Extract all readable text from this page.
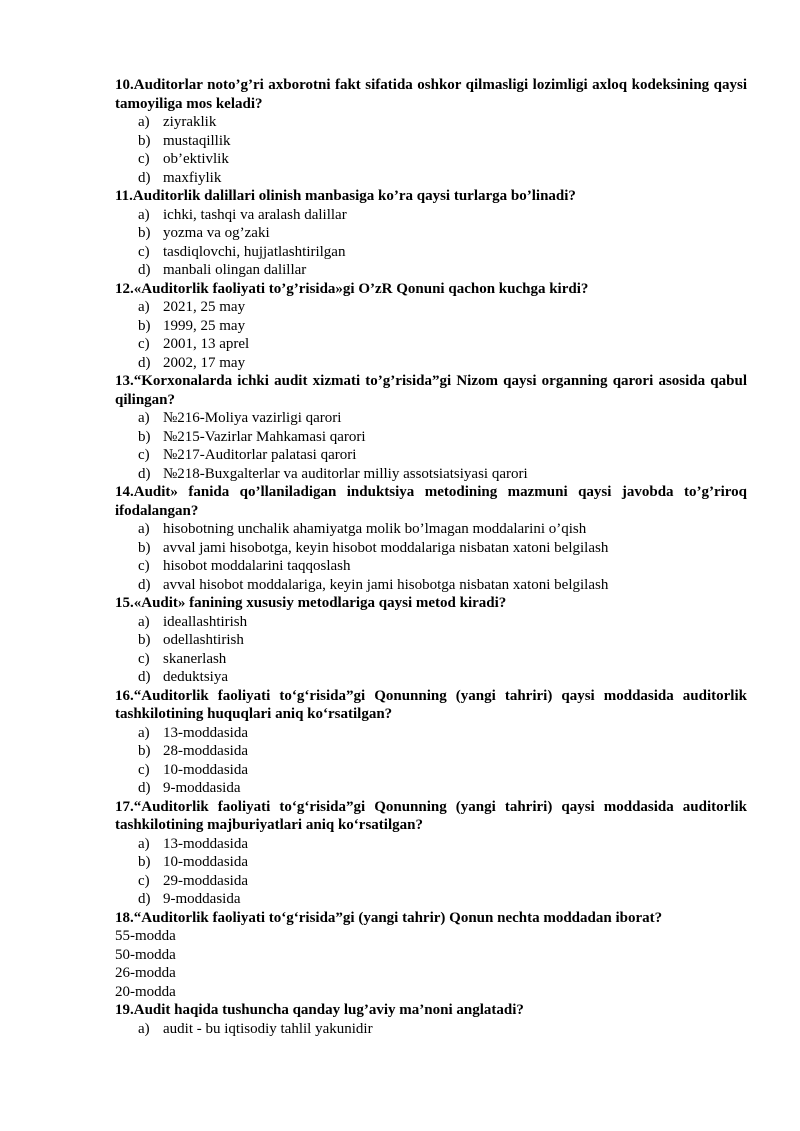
10.Auditorlar noto’g’ri axborotni fakt sifatida oshkor qilmasligi lozimligi axloq kodeksining qaysi tamoyiliga mos keladi?
a) ziyraklik
b) mustaqillik
c) ob’ektivlik
d) maxfiylik
11.Auditorlik dalillari olinish manbasiga ko’ra qaysi turlarga bo’linadi?
a) ichki, tashqi va aralash dalillar
b) yozma va og’zaki
c) tasdiqlovchi, hujjatlashtirilgan
d) manbali olingan dalillar
12.«Auditorlik faoliyati to’g’risida»gi O’zR Qonuni qachon kuchga kirdi?
a) 2021, 25 may
b) 1999, 25 may
c) 2001, 13 aprel
d) 2002, 17 may
13.“Korxonalarda ichki audit xizmati to’g’risida”gi Nizom qaysi organning qarori asosida qabul qilingan?
a) №216-Moliya vazirligi qarori
b) №215-Vazirlar Mahkamasi qarori
c) №217-Auditorlar palatasi qarori
d) №218-Buxgalterlar va auditorlar milliy assotsiatsiyasi qarori
14.Audit» fanida qo’llaniladigan induktsiya metodining mazmuni qaysi javobda to’g’riroq ifodalangan?
a) hisobotning unchalik ahamiyatga molik bo’lmagan moddalarini o’qish
b) avval jami hisobotga, keyin hisobot moddalariga nisbatan xatoni belgilash
c) hisobot moddalarini taqqoslash
d) avval hisobot moddalariga, keyin jami hisobotga nisbatan xatoni belgilash
15.«Audit» fanining xususiy metodlariga qaysi metod kiradi?
a) ideallashtirish
b) odellashtirish
c) skanerlash
d) deduktsiya
16.“Auditorlik faoliyati to‘g‘risida”gi Qonunning (yangi tahriri) qaysi moddasida auditorlik tashkilotining huquqlari aniq ko‘rsatilgan?
a) 13-moddasida
b) 28-moddasida
c) 10-moddasida
d) 9-moddasida
17.“Auditorlik faoliyati to‘g‘risida”gi Qonunning (yangi tahriri) qaysi moddasida auditorlik tashkilotining majburiyatlari aniq ko‘rsatilgan?
a) 13-moddasida
b) 10-moddasida
c) 29-moddasida
d) 9-moddasida
18.“Auditorlik faoliyati to‘g‘risida”gi (yangi tahrir) Qonun nechta moddadan iborat?
55-modda
50-modda
26-modda
20-modda
19.Audit haqida tushuncha qanday lug’aviy ma’noni anglatadi?
a) audit - bu iqtisodiy tahlil yakunidir
